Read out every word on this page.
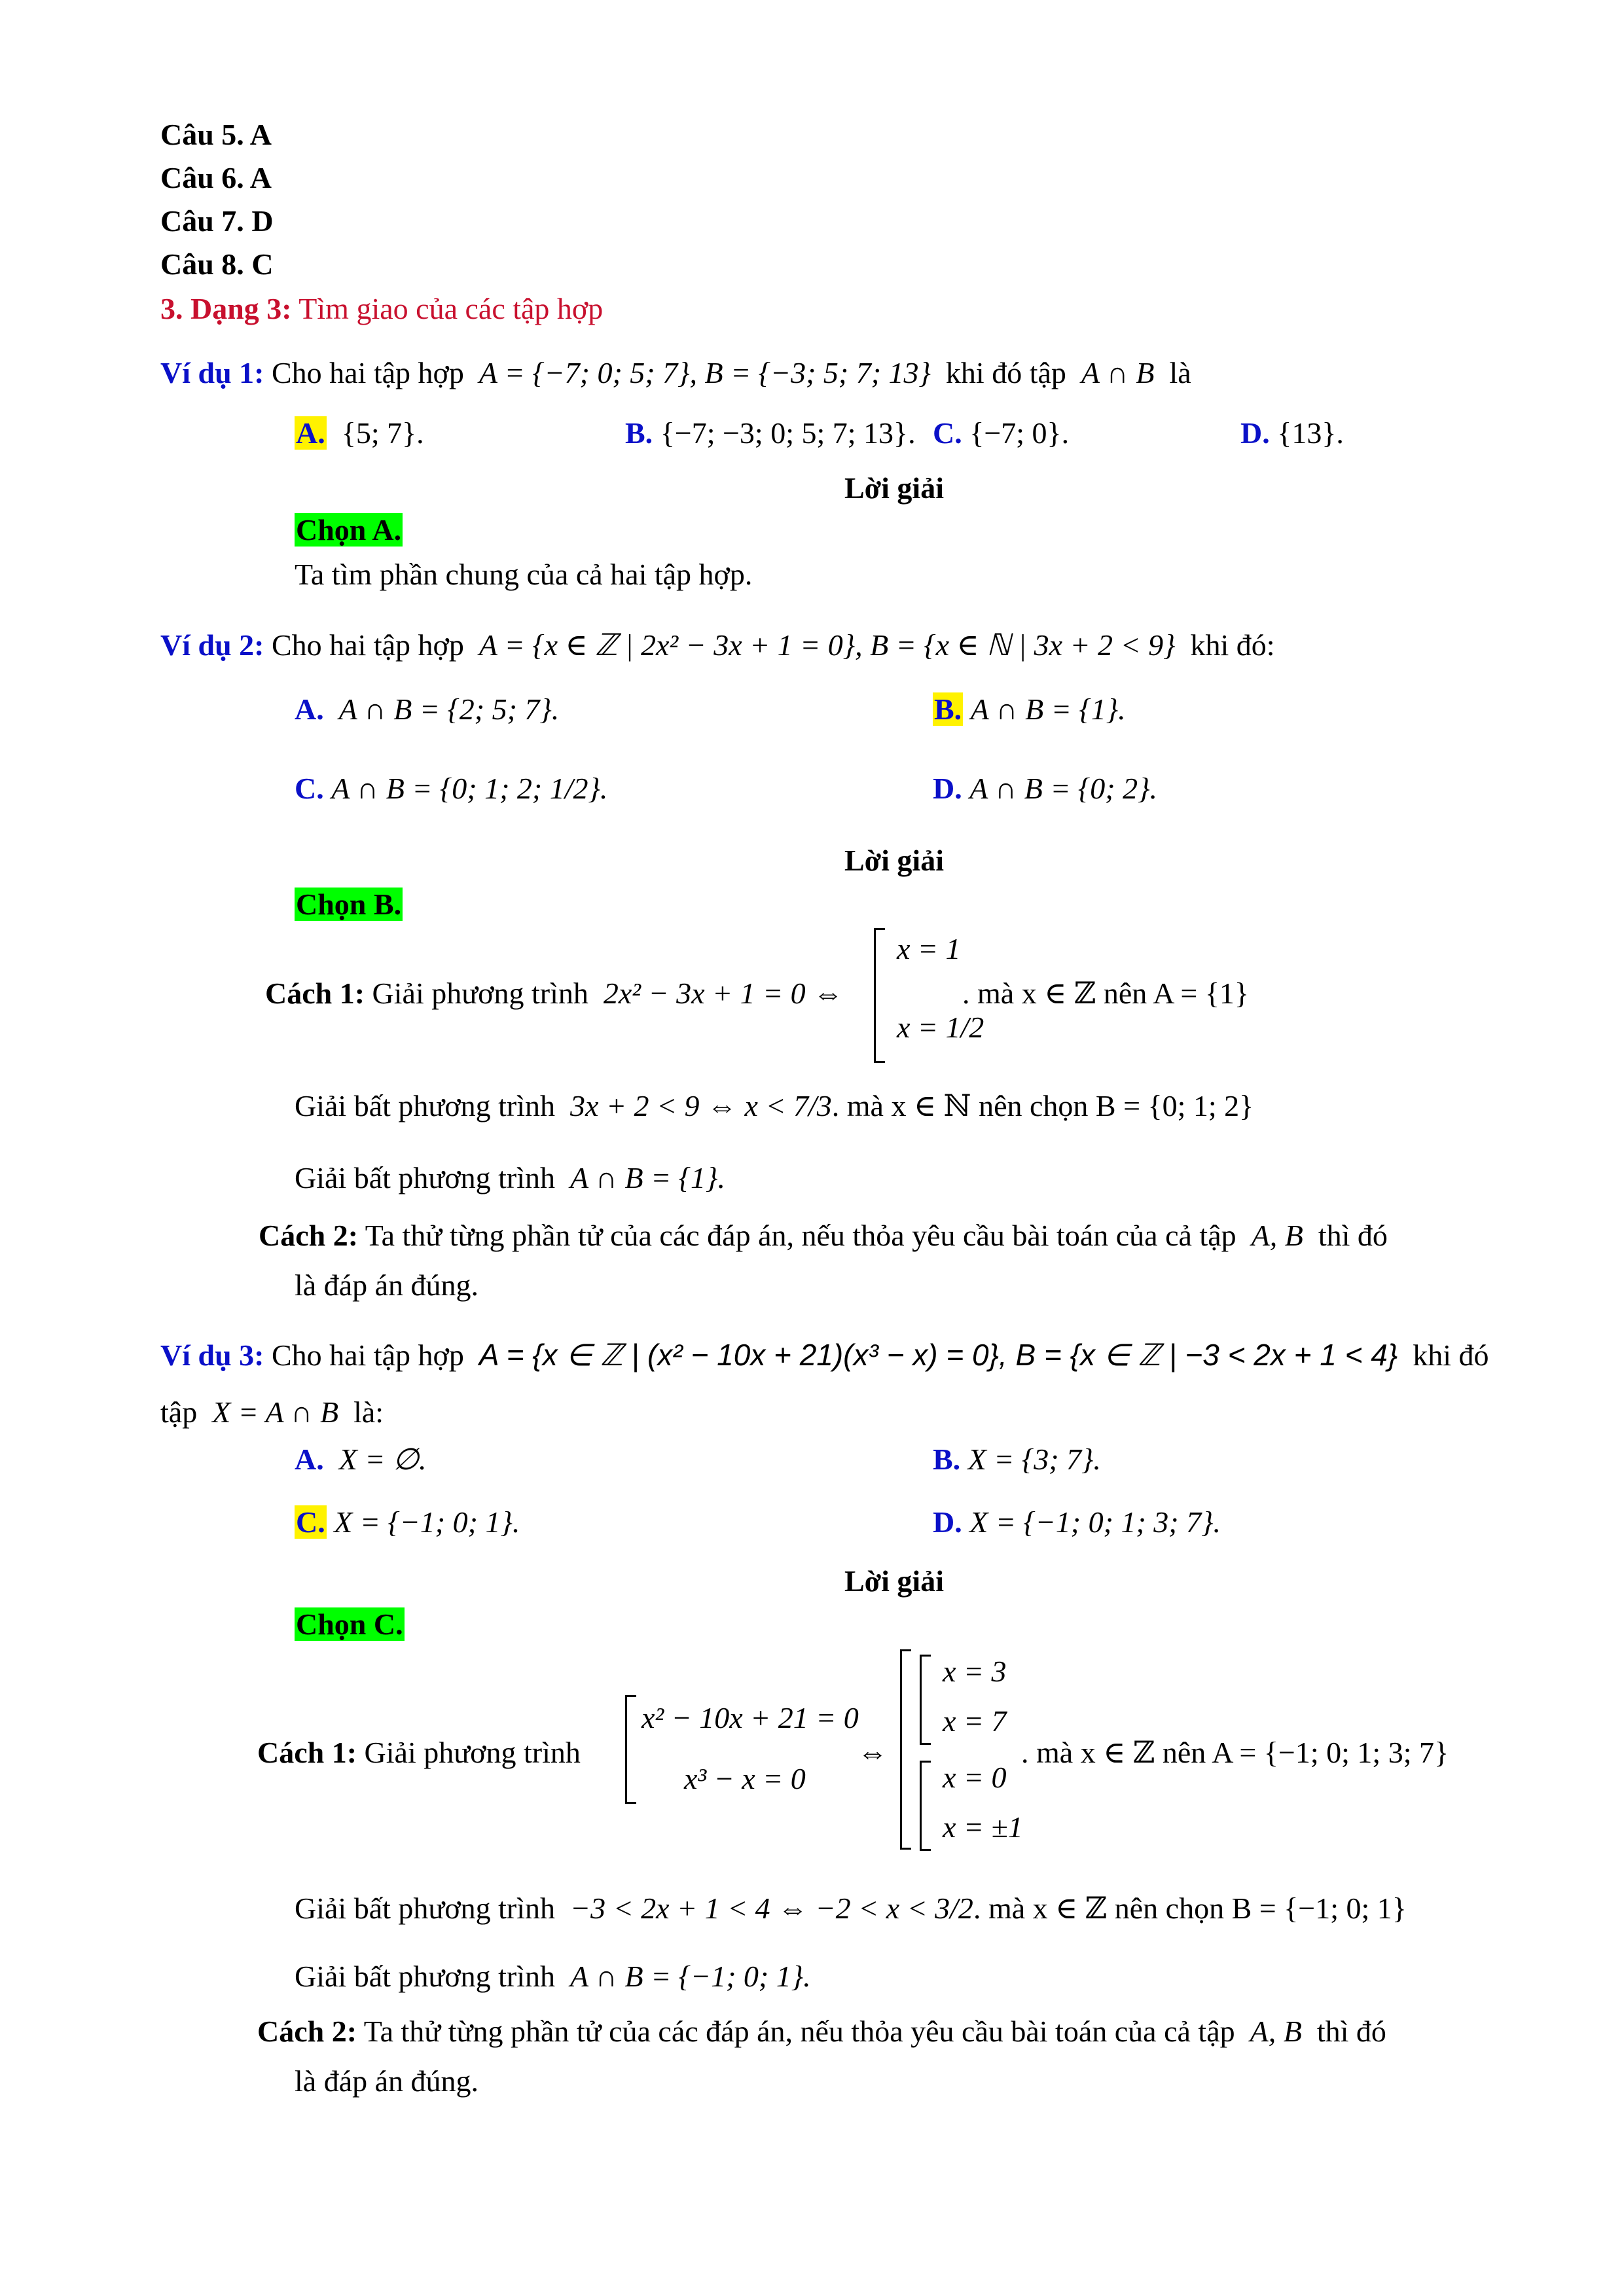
Câu 5. A
Câu 6. A
Câu 7. D
Câu 8. C
3. Dạng 3: Tìm giao của các tập hợp
Ví dụ 1: Cho hai tập hợp A = {−7; 0; 5; 7}, B = {−3; 5; 7; 13} khi đó tập A ∩ B là
A. {5; 7}.	B. {−7; −3; 0; 5; 7; 13}. C. {−7; 0}.	D. {13}.
Lời giải
Chọn A.
Ta tìm phần chung của cả hai tập hợp.
Ví dụ 2: Cho hai tập hợp A = {x ∈ ℤ | 2x² − 3x + 1 = 0}, B = {x ∈ ℕ | 3x + 2 < 9} khi đó:
A. A ∩ B = {2; 5; 7}.	B. A ∩ B = {1}.
C. A ∩ B = {0; 1; 2; 1/2}.	D. A ∩ B = {0; 2}.
Lời giải
Chọn B.
Cách 1: Giải phương trình 2x² − 3x + 1 = 0 ⇔
x = 1
x = 1/2
. mà x ∈ ℤ nên A = {1}
Giải bất phương trình 3x + 2 < 9 ⇔ x < 7/3. mà x ∈ ℕ nên chọn B = {0; 1; 2}
Giải bất phương trình A ∩ B = {1}.
Cách 2: Ta thử từng phần tử của các đáp án, nếu thỏa yêu cầu bài toán của cả tập A, B thì đó
là đáp án đúng.
Ví dụ 3: Cho hai tập hợp A = {x ∈ ℤ | (x² − 10x + 21)(x³ − x) = 0}, B = {x ∈ ℤ | −3 < 2x + 1 < 4} khi đó
tập X = A ∩ B là:
A. X = ∅.	B. X = {3; 7}.
C. X = {−1; 0; 1}.	D. X = {−1; 0; 1; 3; 7}.
Lời giải
Chọn C.
Cách 1: Giải phương trình
x² − 10x + 21 = 0
x³ − x = 0
⇔
x = 3
x = 7
x = 0
x = ±1
. mà x ∈ ℤ nên A = {−1; 0; 1; 3; 7}
Giải bất phương trình −3 < 2x + 1 < 4 ⇔ −2 < x < 3/2. mà x ∈ ℤ nên chọn B = {−1; 0; 1}
Giải bất phương trình A ∩ B = {−1; 0; 1}.
Cách 2: Ta thử từng phần tử của các đáp án, nếu thỏa yêu cầu bài toán của cả tập A, B thì đó
là đáp án đúng.
